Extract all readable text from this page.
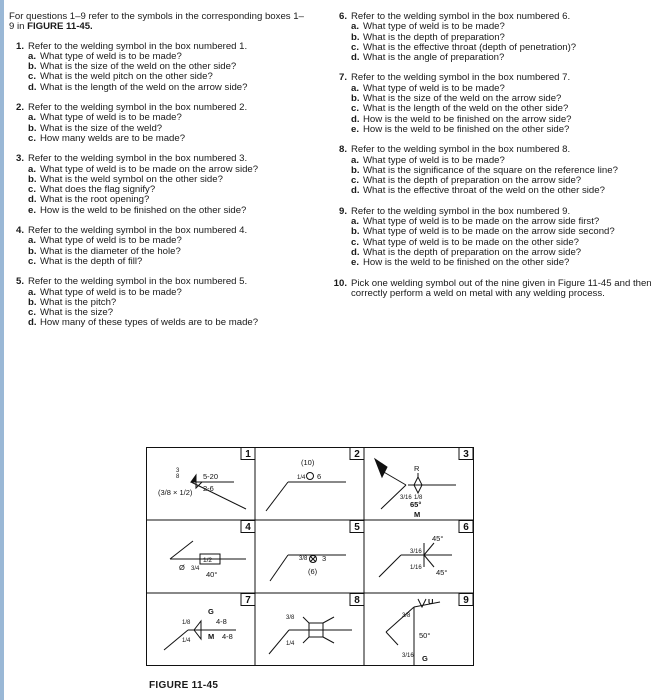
For questions 1–9 refer to the symbols in the corresponding boxes 1–9 in FIGURE 11-45.
1. Refer to the welding symbol in the box numbered 1.
a. What type of weld is to be made?
b. What is the size of the weld on the other side?
c. What is the weld pitch on the other side?
d. What is the length of the weld on the arrow side?
2. Refer to the welding symbol in the box numbered 2.
a. What type of weld is to be made?
b. What is the size of the weld?
c. How many welds are to be made?
3. Refer to the welding symbol in the box numbered 3.
a. What type of weld is to be made on the arrow side?
b. What is the weld symbol on the other side?
c. What does the flag signify?
d. What is the root opening?
e. How is the weld to be finished on the other side?
4. Refer to the welding symbol in the box numbered 4.
a. What type of weld is to be made?
b. What is the diameter of the hole?
c. What is the depth of fill?
5. Refer to the welding symbol in the box numbered 5.
a. What type of weld is to be made?
b. What is the pitch?
c. What is the size?
d. How many of these types of welds are to be made?
6. Refer to the welding symbol in the box numbered 6.
a. What type of weld is to be made?
b. What is the depth of preparation?
c. What is the effective throat (depth of penetration)?
d. What is the angle of preparation?
7. Refer to the welding symbol in the box numbered 7.
a. What type of weld is to be made?
b. What is the size of the weld on the arrow side?
c. What is the length of the weld on the other side?
d. How is the weld to be finished on the arrow side?
e. How is the weld to be finished on the other side?
8. Refer to the welding symbol in the box numbered 8.
a. What type of weld is to be made?
b. What is the significance of the square on the reference line?
c. What is the depth of preparation on the arrow side?
d. What is the effective throat of the weld on the other side?
9. Refer to the welding symbol in the box numbered 9.
a. What type of weld is to be made on the arrow side first?
b. What type of weld is to be made on the arrow side second?
c. What type of weld is to be made on the other side?
d. What is the depth of preparation on the arrow side?
e. How is the weld to be finished on the other side?
10. Pick one welding symbol out of the nine given in Figure 11-45 and then correctly perform a weld on metal with any welding process.
1	2	3
4	5	6
7	8	9
3
8	5-20
2-6
(3/8 × 1/2)
(10)
1/4 6
R
3/16 1/8
65°
M
Ø 3/4
1/2
40°
3/8 3
(6)
45°
3/16
1/16 45°
G
4-8
1/8
1/4 M 4-8
3/8
1/4
U
3/8
50°
3/16 G
FIGURE 11-45
